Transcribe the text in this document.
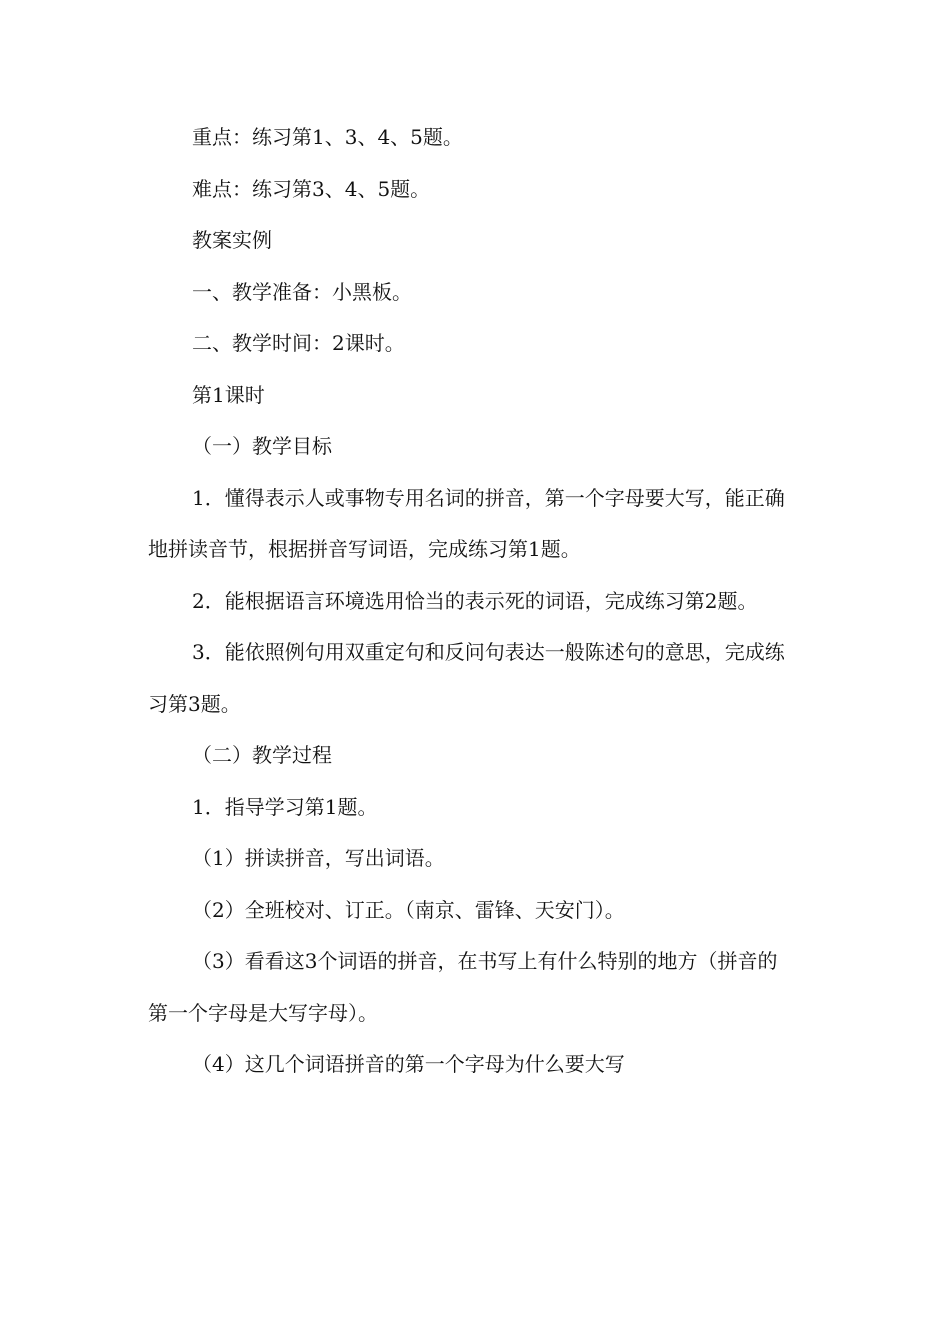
重点：练习第1、3、4、5题。

难点：练习第3、4、5题。

教案实例

一、教学准备：小黑板。

二、教学时间：2课时。

第1课时

（一）教学目标

1．懂得表示人或事物专用名词的拼音，第一个字母要大写，能正确地拼读音节，根据拼音写词语，完成练习第1题。

2．能根据语言环境选用恰当的表示死的词语，完成练习第2题。

3．能依照例句用双重定句和反问句表达一般陈述句的意思，完成练习第3题。

（二）教学过程

1．指导学习第1题。

（1）拼读拼音，写出词语。

（2）全班校对、订正。（南京、雷锋、天安门）。

（3）看看这3个词语的拼音，在书写上有什么特别的地方（拼音的第一个字母是大写字母）。

（4）这几个词语拼音的第一个字母为什么要大写
